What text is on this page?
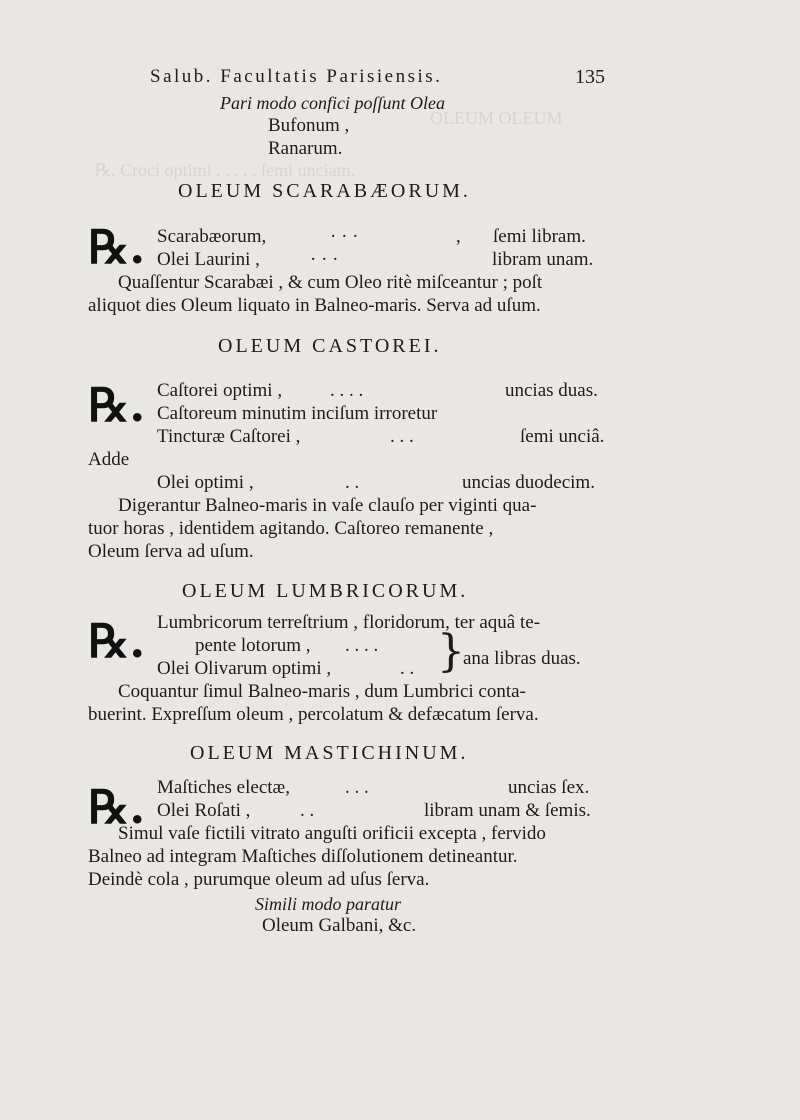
OLEUM OLEUM
℞. Croci optimi . . . . . ſemi unciam.
Salub. Facultatis Parisiensis.	135
Pari modo confici poſſunt Olea
Bufonum ,
Ranarum.
OLEUM SCARABÆORUM.
℞. Scarabæorum,	· · ·	, ſemi libram.
Olei Laurini ,	· · ·	libram unam.
Quaſſentur Scarabæi , & cum Oleo ritè miſceantur ; poſt
aliquot dies Oleum liquato in Balneo-maris. Serva ad uſum.
OLEUM CASTOREI.
℞. Caſtorei optimi ,	. . . .	uncias duas.
Caſtoreum minutim inciſum irroretur
Tincturæ Caſtorei ,	. . .	ſemi unciâ.
Adde
Olei optimi ,	. .	uncias duodecim.
Digerantur Balneo-maris in vaſe clauſo per viginti qua-
tuor horas , identidem agitando. Caſtoreo remanente ,
Oleum ſerva ad uſum.
OLEUM LUMBRICORUM.
℞. Lumbricorum terreſtrium , floridorum, ter aquâ te-
pente lotorum , . . . .
Olei Olivarum optimi ,	. . }
ana libras duas.
Coquantur ſimul Balneo-maris , dum Lumbrici conta-
buerint. Expreſſum oleum , percolatum & defæcatum ſerva.
OLEUM MASTICHINUM.
℞. Maſtiches electæ,	. . .	uncias ſex.
Olei Roſati ,	. .	libram unam & ſemis.
Simul vaſe fictili vitrato anguſti orificii excepta , fervido
Balneo ad integram Maſtiches diſſolutionem detineantur.
Deindè cola , purumque oleum ad uſus ſerva.
Simili modo paratur
Oleum Galbani, &c.
